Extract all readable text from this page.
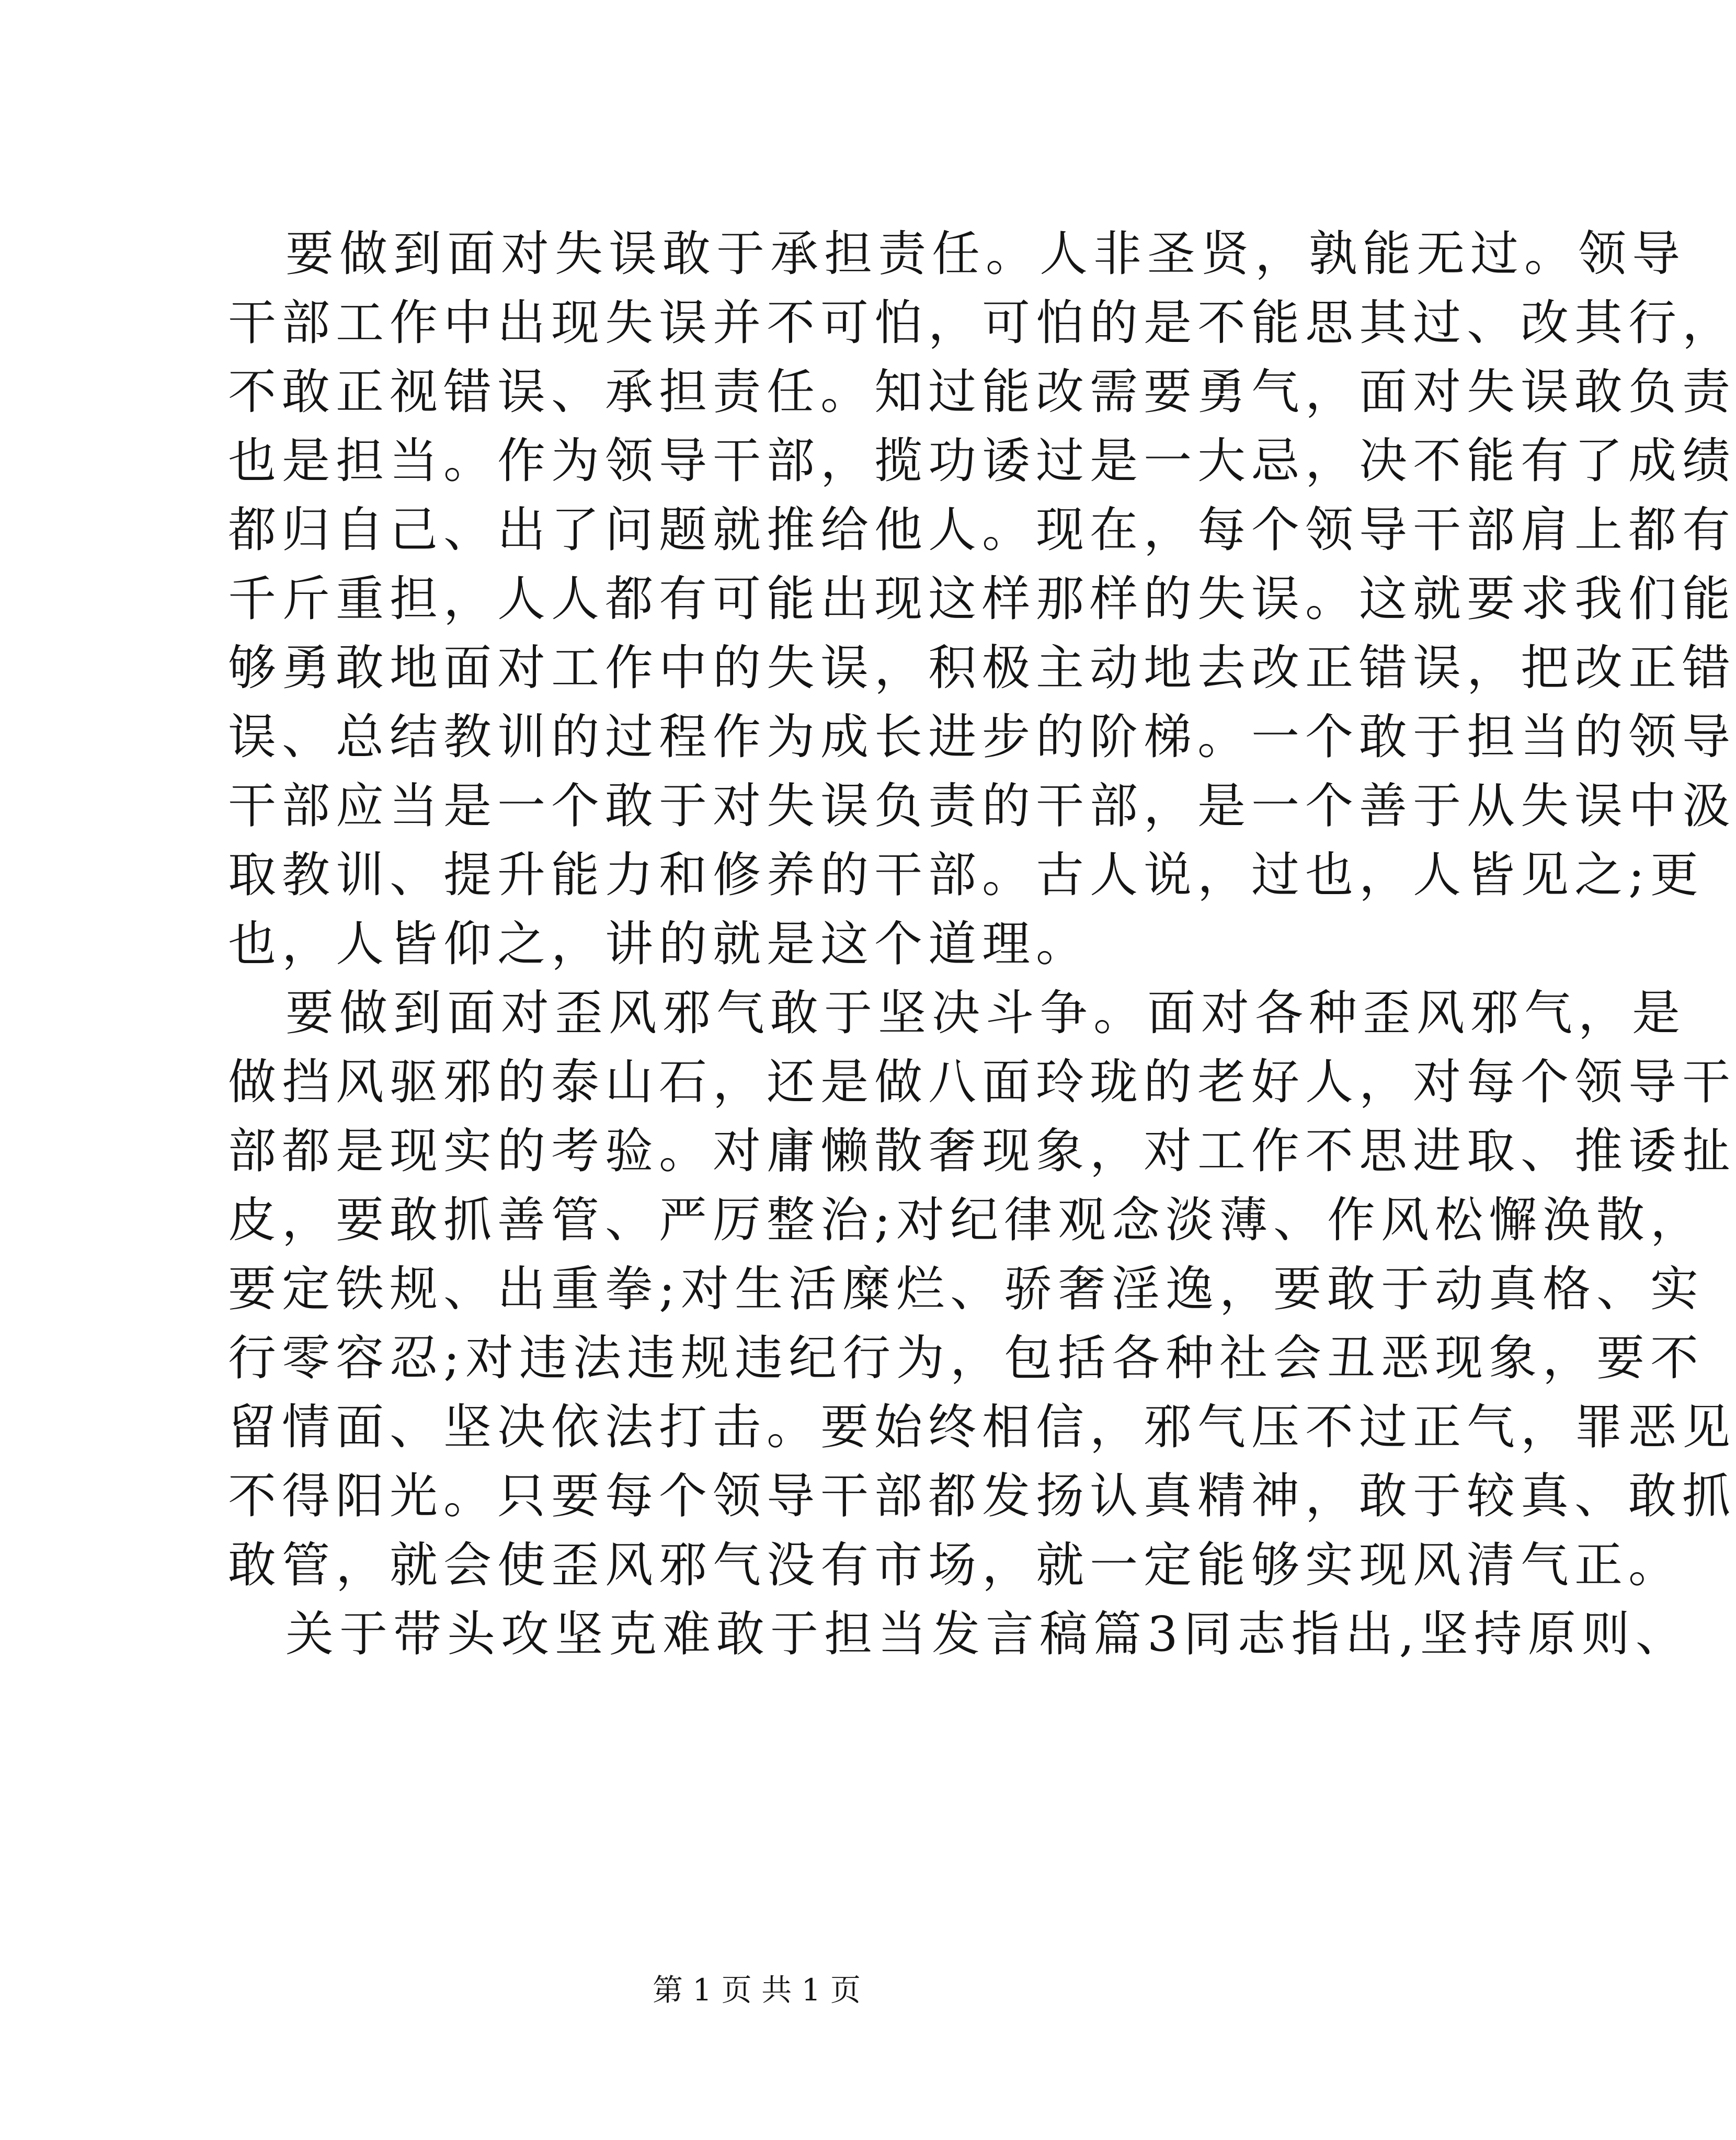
要做到面对失误敢于承担责任。人非圣贤，孰能无过。领导
干部工作中出现失误并不可怕，可怕的是不能思其过、改其行，
不敢正视错误、承担责任。知过能改需要勇气，面对失误敢负责
也是担当。作为领导干部，揽功诿过是一大忌，决不能有了成绩
都归自己、出了问题就推给他人。现在，每个领导干部肩上都有
千斤重担，人人都有可能出现这样那样的失误。这就要求我们能
够勇敢地面对工作中的失误，积极主动地去改正错误，把改正错
误、总结教训的过程作为成长进步的阶梯。一个敢于担当的领导
干部应当是一个敢于对失误负责的干部，是一个善于从失误中汲
取教训、提升能力和修养的干部。古人说，过也，人皆见之;更
也，人皆仰之，讲的就是这个道理。
要做到面对歪风邪气敢于坚决斗争。面对各种歪风邪气，是
做挡风驱邪的泰山石，还是做八面玲珑的老好人，对每个领导干
部都是现实的考验。对庸懒散奢现象，对工作不思进取、推诿扯
皮，要敢抓善管、严厉整治;对纪律观念淡薄、作风松懈涣散，
要定铁规、出重拳;对生活糜烂、骄奢淫逸，要敢于动真格、实
行零容忍;对违法违规违纪行为，包括各种社会丑恶现象，要不
留情面、坚决依法打击。要始终相信，邪气压不过正气，罪恶见
不得阳光。只要每个领导干部都发扬认真精神，敢于较真、敢抓
敢管，就会使歪风邪气没有市场，就一定能够实现风清气正。
关于带头攻坚克难敢于担当发言稿篇3同志指出,坚持原则、
第 1 页 共 1 页
